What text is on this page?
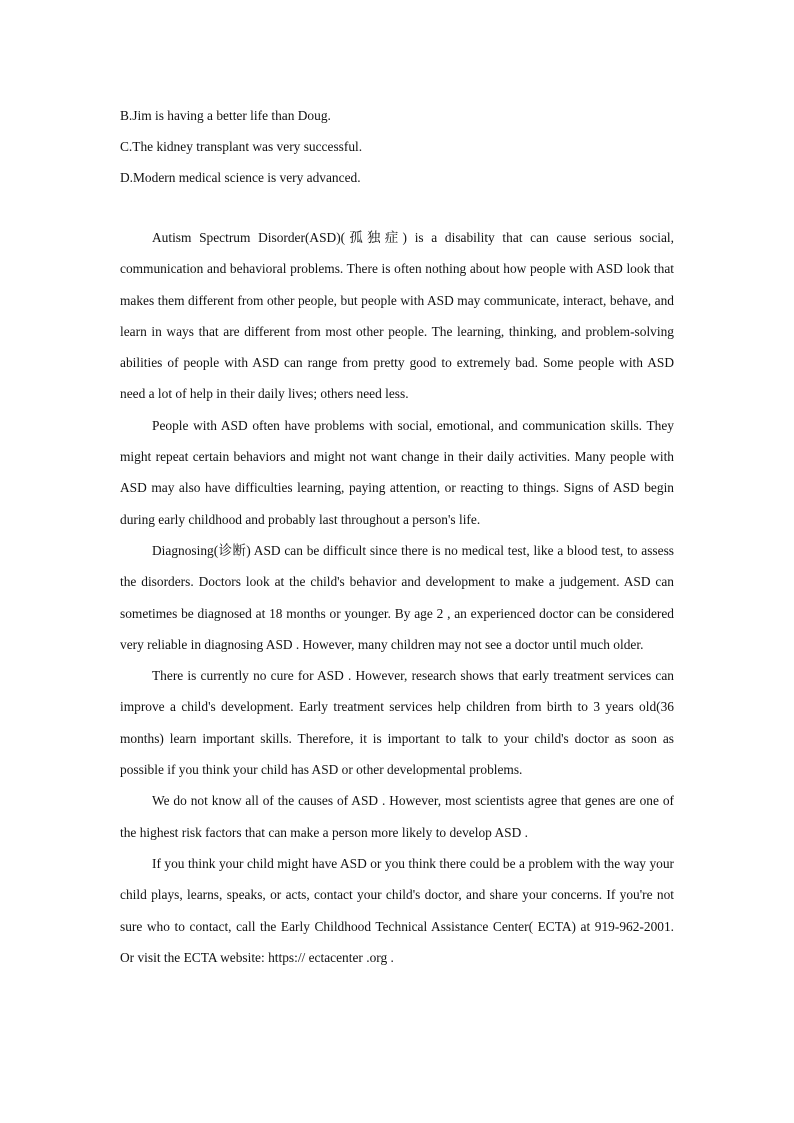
B.Jim is having a better life than Doug.
C.The kidney transplant was very successful.
D.Modern medical science is very advanced.

Autism Spectrum Disorder(ASD)(孤独症) is a disability that can cause serious social, communication and behavioral problems. There is often nothing about how people with ASD look that makes them different from other people, but people with ASD may communicate, interact, behave, and learn in ways that are different from most other people. The learning, thinking, and problem-solving abilities of people with ASD can range from pretty good to extremely bad. Some people with ASD need a lot of help in their daily lives; others need less.

People with ASD often have problems with social, emotional, and communication skills. They might repeat certain behaviors and might not want change in their daily activities. Many people with ASD may also have difficulties learning, paying attention, or reacting to things. Signs of ASD begin during early childhood and probably last throughout a person's life.

Diagnosing(诊断) ASD can be difficult since there is no medical test, like a blood test, to assess the disorders. Doctors look at the child's behavior and development to make a judgement. ASD can sometimes be diagnosed at 18 months or younger. By age 2 , an experienced doctor can be considered very reliable in diagnosing ASD . However, many children may not see a doctor until much older.

There is currently no cure for ASD . However, research shows that early treatment services can improve a child's development. Early treatment services help children from birth to 3 years old(36 months) learn important skills. Therefore, it is important to talk to your child's doctor as soon as possible if you think your child has ASD or other developmental problems.

We do not know all of the causes of ASD . However, most scientists agree that genes are one of the highest risk factors that can make a person more likely to develop ASD .

If you think your child might have ASD or you think there could be a problem with the way your child plays, learns, speaks, or acts, contact your child's doctor, and share your concerns. If you're not sure who to contact, call the Early Childhood Technical Assistance Center( ECTA) at 919-962-2001. Or visit the ECTA website: https:// ectacenter .org .
